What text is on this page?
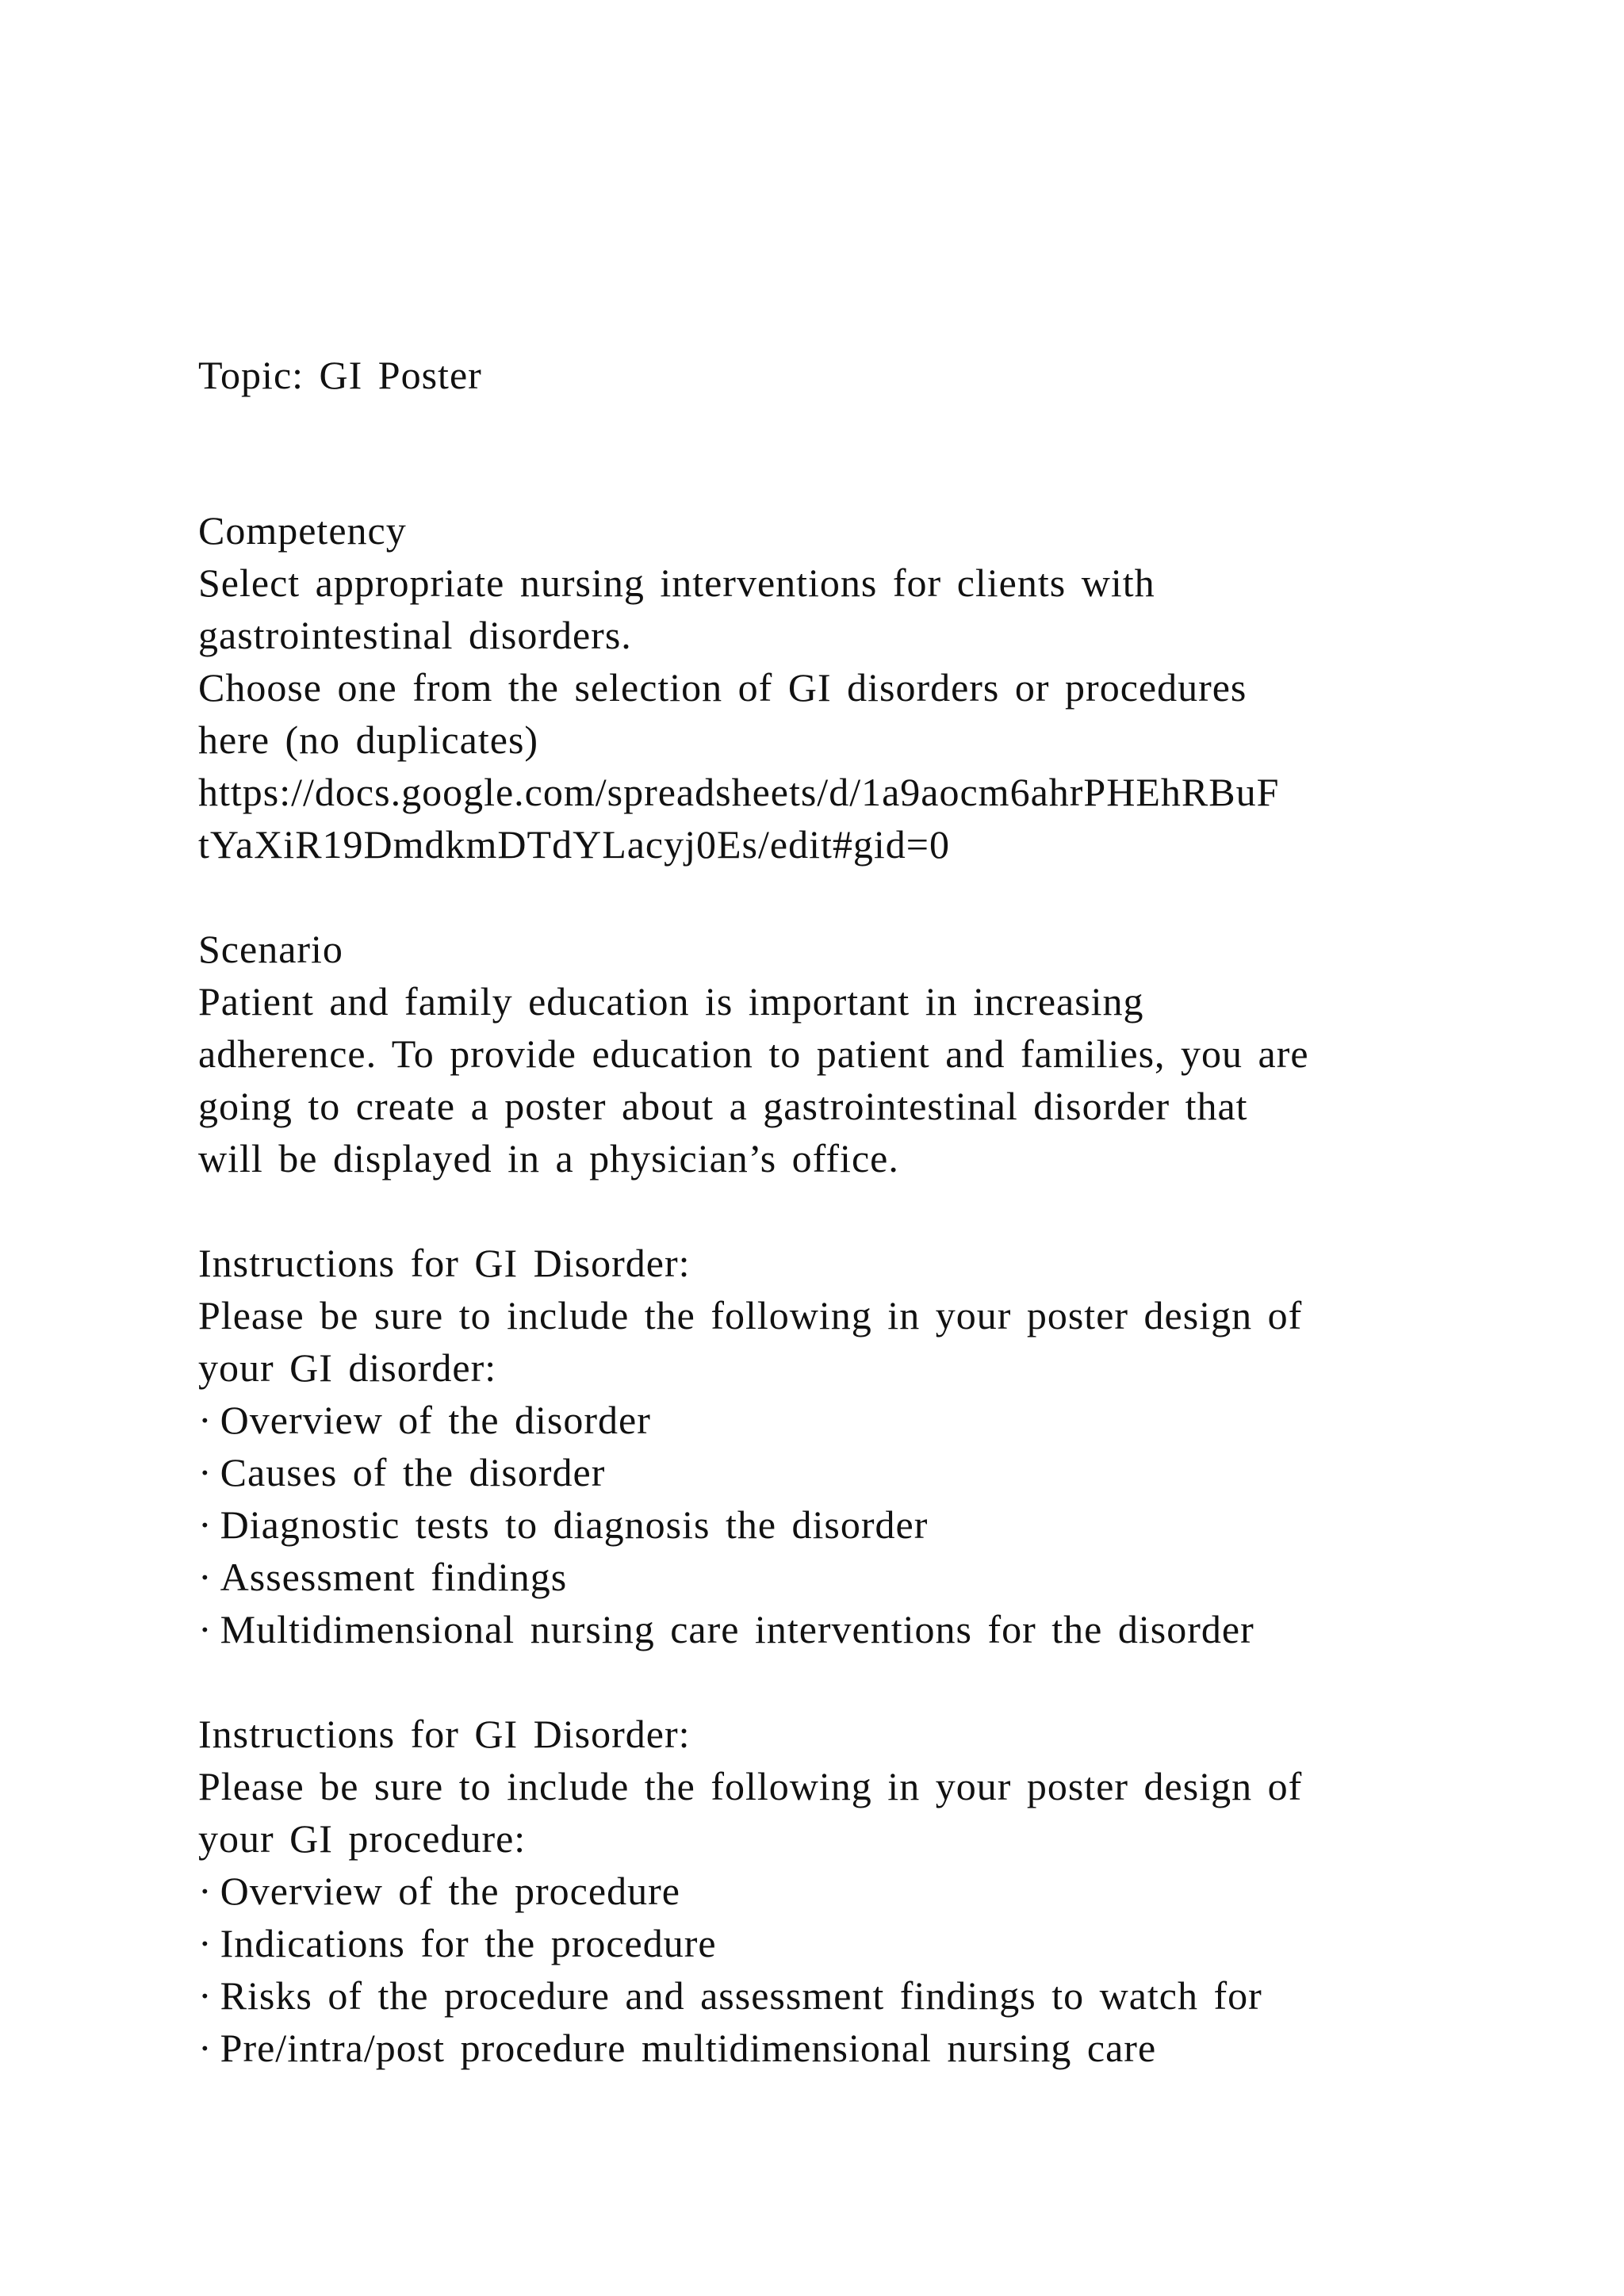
Topic: GI Poster
Competency
Select appropriate nursing interventions for clients with
gastrointestinal disorders.
Choose one from the selection of GI disorders or procedures
here (no duplicates)
https://docs.google.com/spreadsheets/d/1a9aocm6ahrPHEhRBuF
tYaXiR19DmdkmDTdYLacyj0Es/edit#gid=0
Scenario
Patient and family education is important in increasing
adherence. To provide education to patient and families, you are
going to create a poster about a gastrointestinal disorder that
will be displayed in a physician’s office.
Instructions for GI Disorder:
Please be sure to include the following in your poster design of
your GI disorder:
· Overview of the disorder
· Causes of the disorder
· Diagnostic tests to diagnosis the disorder
· Assessment findings
· Multidimensional nursing care interventions for the disorder
Instructions for GI Disorder:
Please be sure to include the following in your poster design of
your GI procedure:
· Overview of the procedure
· Indications for the procedure
· Risks of the procedure and assessment findings to watch for
· Pre/intra/post procedure multidimensional nursing care
